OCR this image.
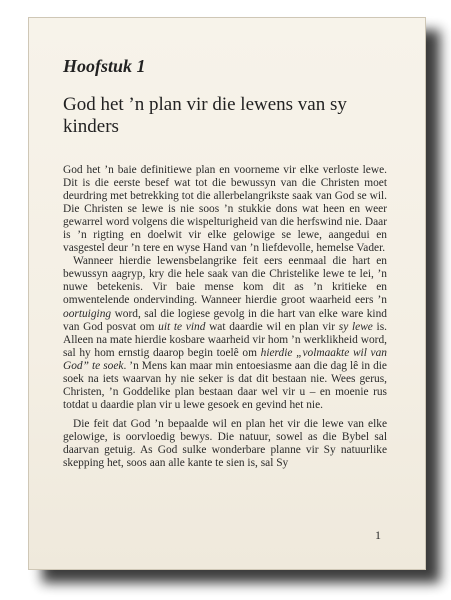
Hoofstuk 1
God het ’n plan vir die lewens van sy kinders

God het ’n baie definitiewe plan en voorneme vir elke verloste lewe. Dit is die eerste besef wat tot die bewussyn van die Christen moet deurdring met betrekking tot die allerbelangrikste saak van God se wil. Die Christen se lewe is nie soos ’n stukkie dons wat heen en weer gewarrel word volgens die wispelturigheid van die herfswind nie. Daar is ’n rigting en doelwit vir elke gelowige se lewe, aangedui en vasgestel deur ’n tere en wyse Hand van ’n liefdevolle, hemelse Vader.

Wanneer hierdie lewensbelangrike feit eers eenmaal die hart en bewussyn aagryp, kry die hele saak van die Christelike lewe te lei, ’n nuwe betekenis. Vir baie mense kom dit as ’n kritieke en omwentelende ondervinding. Wanneer hierdie groot waarheid eers ’n oortuiging word, sal die logiese gevolg in die hart van elke ware kind van God posvat om uit te vind wat daardie wil en plan vir sy lewe is. Alleen na mate hierdie kosbare waarheid vir hom ’n werklikheid word, sal hy hom ernstig daarop begin toelê om hierdie „volmaakte wil van God” te soek. ’n Mens kan maar min entoesiasme aan die dag lê in die soek na iets waarvan hy nie seker is dat dit bestaan nie. Wees gerus, Christen, ’n Goddelike plan bestaan daar wel vir u – en moenie rus totdat u daardie plan vir u lewe gesoek en gevind het nie.

Die feit dat God ’n bepaalde wil en plan het vir die lewe van elke gelowige, is oorvloedig bewys. Die natuur, sowel as die Bybel sal daarvan getuig. As God sulke wonderbare planne vir Sy natuurlike skepping het, soos aan alle kante te sien is, sal Sy

1
